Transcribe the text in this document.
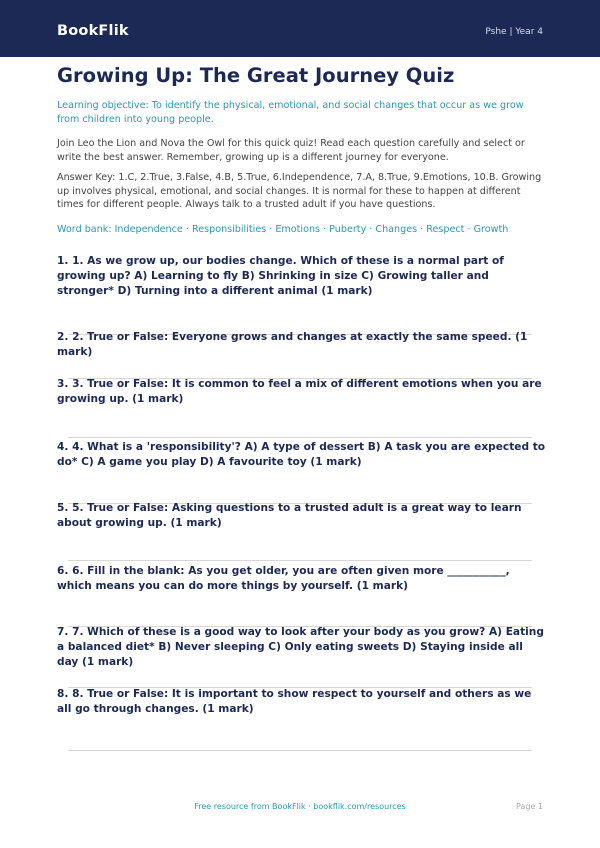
BookFlik	Pshe | Year 4
Growing Up: The Great Journey Quiz
Learning objective: To identify the physical, emotional, and social changes that occur as we grow from children into young people.
Join Leo the Lion and Nova the Owl for this quick quiz! Read each question carefully and select or write the best answer. Remember, growing up is a different journey for everyone.
Answer Key: 1.C, 2.True, 3.False, 4.B, 5.True, 6.Independence, 7.A, 8.True, 9.Emotions, 10.B. Growing up involves physical, emotional, and social changes. It is normal for these to happen at different times for different people. Always talk to a trusted adult if you have questions.
Word bank: Independence · Responsibilities · Emotions · Puberty · Changes · Respect · Growth
1. 1. As we grow up, our bodies change. Which of these is a normal part of growing up? A) Learning to fly B) Shrinking in size C) Growing taller and stronger* D) Turning into a different animal (1 mark)
2. 2. True or False: Everyone grows and changes at exactly the same speed. (1 mark)
3. 3. True or False: It is common to feel a mix of different emotions when you are growing up. (1 mark)
4. 4. What is a 'responsibility'? A) A type of dessert B) A task you are expected to do* C) A game you play D) A favourite toy (1 mark)
5. 5. True or False: Asking questions to a trusted adult is a great way to learn about growing up. (1 mark)
6. 6. Fill in the blank: As you get older, you are often given more ___________, which means you can do more things by yourself. (1 mark)
7. 7. Which of these is a good way to look after your body as you grow? A) Eating a balanced diet* B) Never sleeping C) Only eating sweets D) Staying inside all day (1 mark)
8. 8. True or False: It is important to show respect to yourself and others as we all go through changes. (1 mark)
Free resource from BookFlik · bookflik.com/resources	Page 1
